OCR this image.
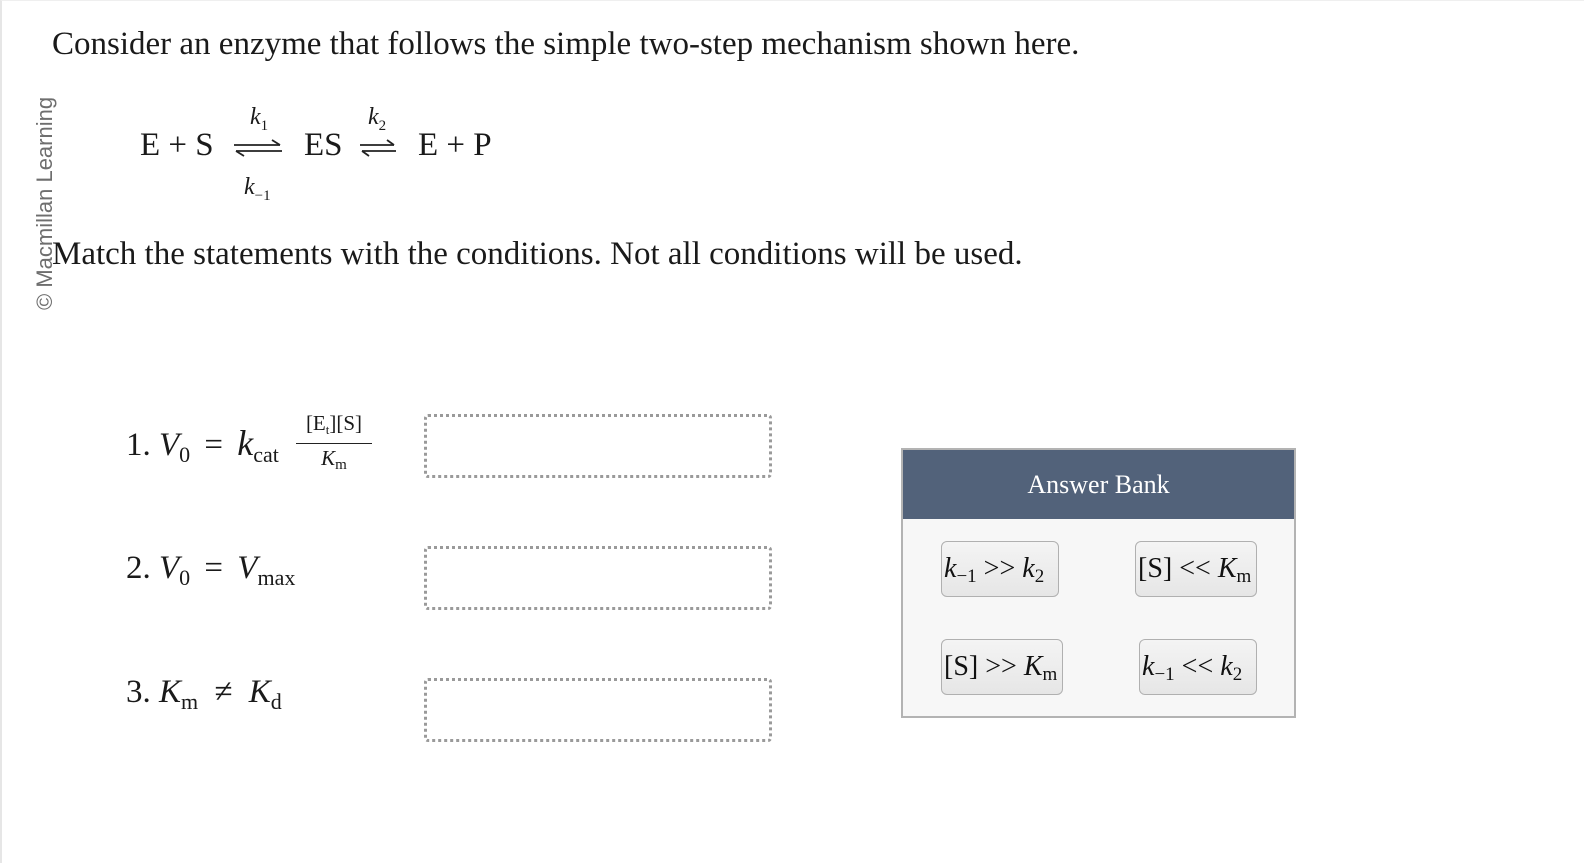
© Macmillan Learning
Consider an enzyme that follows the simple two-step mechanism shown here.
E + S
$k_1$
$k_{-1}$
⇌ ES
$k_2$
⇌ E + P
Match the statements with the conditions. Not all conditions will be used.
1. $V_0 = k_{cat} \frac{[Et][S]}{Km}$
2. $V_0 = V_{max}$
3. $K_m \ne K_d$
Answer Bank
k−1 >> k2	[S] << Km
[S] >> Km	k−1 << k2
